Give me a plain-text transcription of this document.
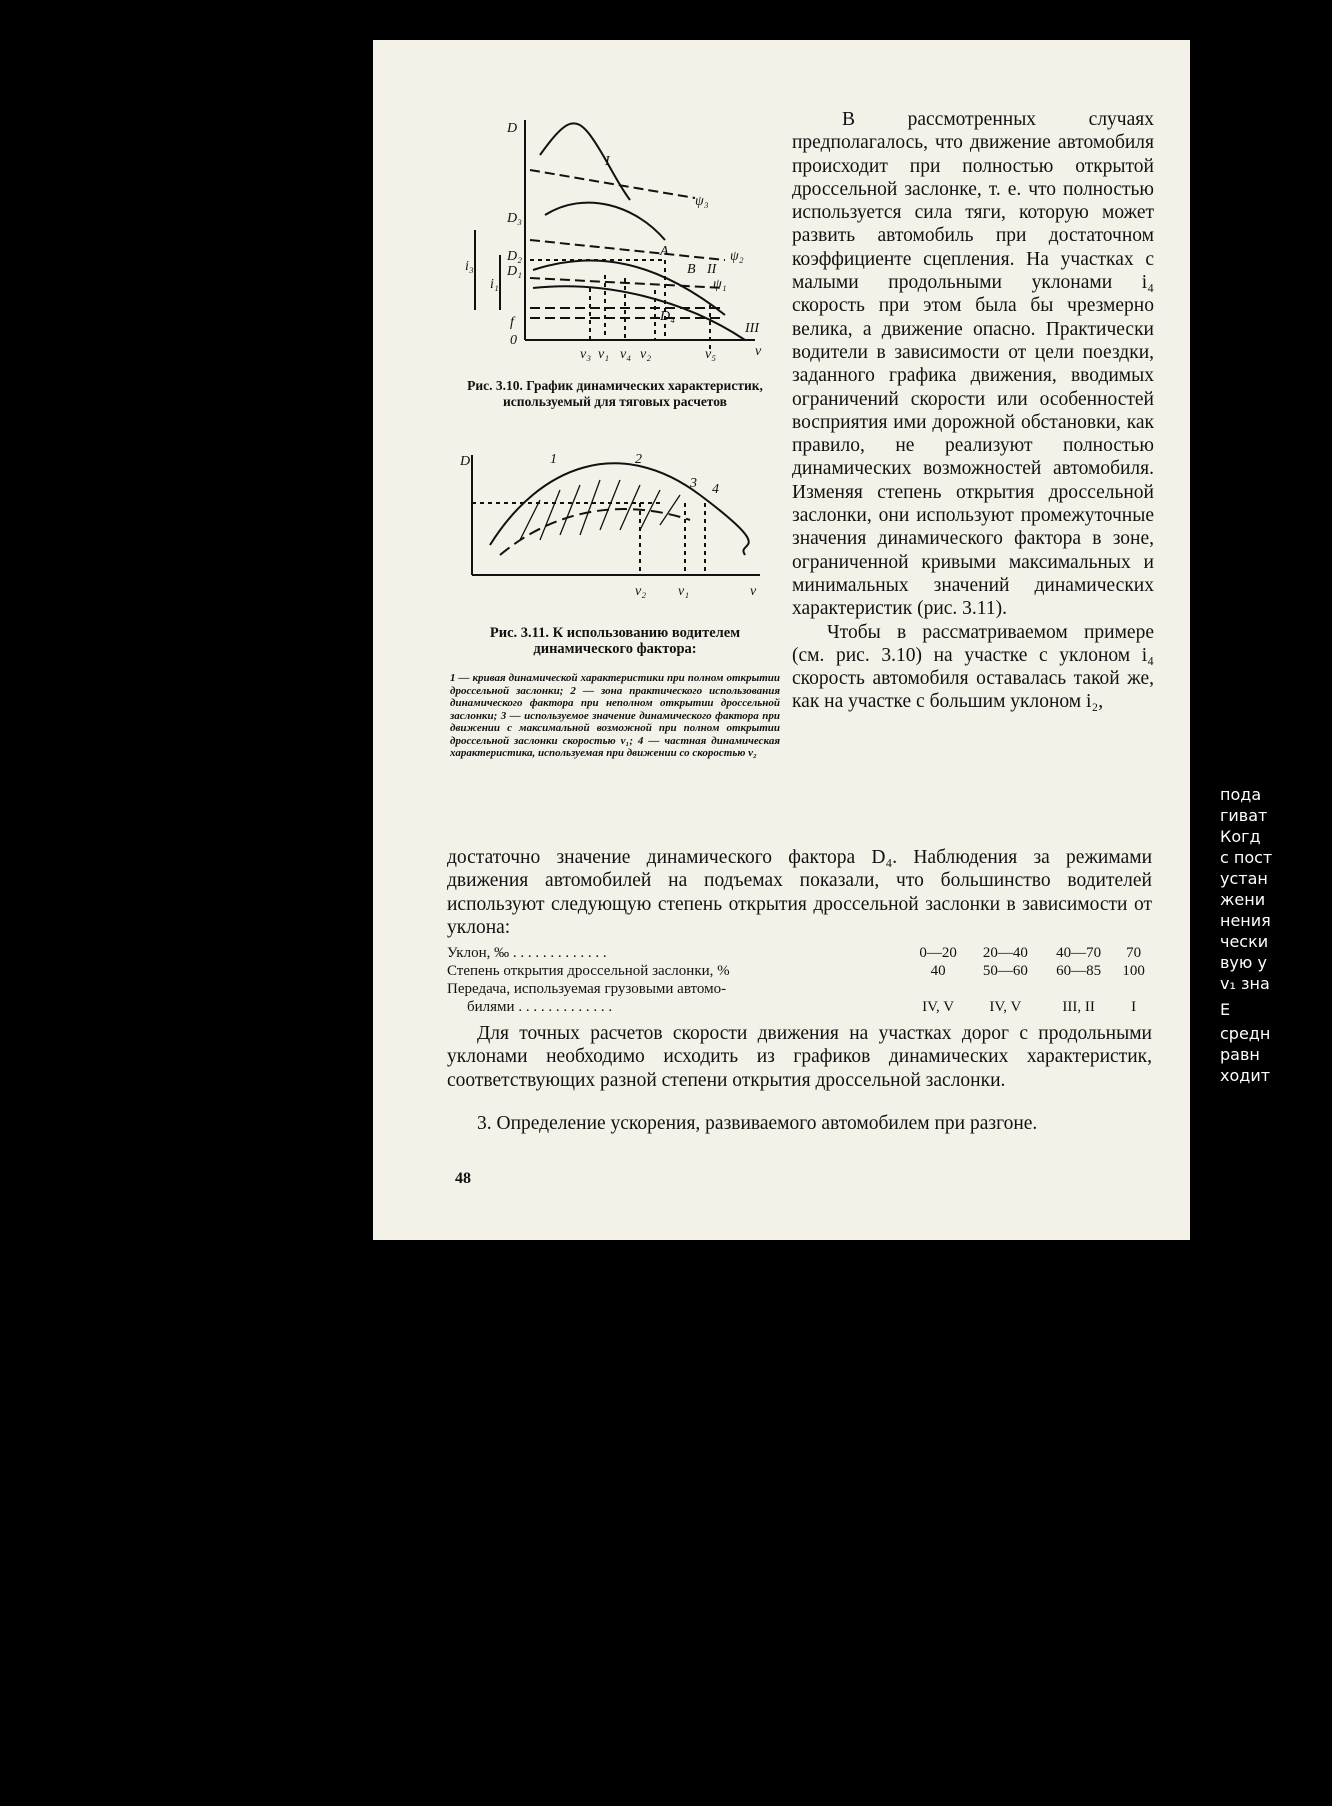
D
I
ψ₃
ψ₂
ψ₁
D₃
D₂
D₁
A
B II
III
D₄
i₃
i₁
f
0
v
v₃ v₁ v₄ v₂	v₅
Рис. 3.10. График динамических характеристик, используемый для тяговых расчетов
D	1	2
3 4
v₂ v₁	v
Рис. 3.11. К использованию водителем динамического фактора:
1 — кривая динамической характеристики при полном открытии дроссельной заслонки; 2 — зона практического использования динамического фактора при неполном открытии дроссельной заслонки; 3 — используемое значение динамического фактора при движении с максимальной возможной при полном открытии дроссельной заслонки скоростью v₁; 4 — частная динамическая характеристика, используемая при движении со скоростью v₂

В рассмотренных случаях предполагалось, что движение автомобиля происходит при полностью открытой дроссельной заслонке, т. е. что полностью используется сила тяги, которую может развить автомобиль при достаточном коэффициенте сцепления. На участках с малыми продольными уклонами i₄ скорость при этом была бы чрезмерно велика, а движение опасно. Практически водители в зависимости от цели поездки, заданного графика движения, вводимых ограничений скорости или особенностей восприятия ими дорожной обстановки, как правило, не реализуют полностью динамических возможностей автомобиля. Изменяя степень открытия дроссельной заслонки, они используют промежуточные значения динамического фактора в зоне, ограниченной кривыми максимальных и минимальных значений динамических характеристик (рис. 3.11).

Чтобы в рассматриваемом примере (см. рис. 3.10) на участке с уклоном i₄ скорость автомобиля оставалась такой же, как на участке с большим уклоном i₂,

достаточно значение динамического фактора D₄. Наблюдения за режимами движения автомобилей на подъемах показали, что большинство водителей используют следующую степень открытия дроссельной заслонки в зависимости от уклона:
Уклон, ‰ . . . . . . . . . . . . .	0—20	20—40	40—70	70
Степень открытия дроссельной заслонки, %	40	50—60	60—85	100
Передача, используемая грузовыми автомо-				
билями . . . . . . . . . . . . .	IV, V	IV, V	III, II	I
Для точных расчетов скорости движения на участках дорог с продольными уклонами необходимо исходить из графиков динамических характеристик, соответствующих разной степени открытия дроссельной заслонки.
3. Определение ускорения, развиваемого автомобилем при разгоне.
48
пода
гиват
Когд
с пост
устан
жени
нения
чески
вую у
v₁ зна
Е
средн
равн
ходит
